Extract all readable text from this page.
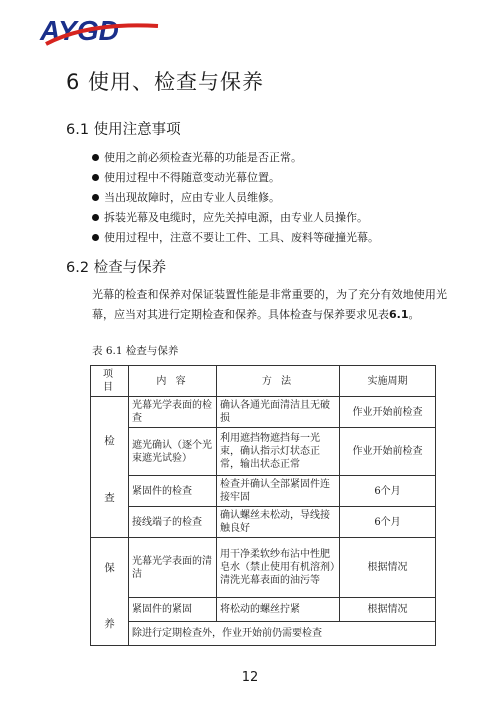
AYGD
6 使用、检查与保养
6.1 使用注意事项
使用之前必须检查光幕的功能是否正常。
使用过程中不得随意变动光幕位置。
当出现故障时，应由专业人员维修。
拆装光幕及电缆时，应先关掉电源，由专业人员操作。
使用过程中，注意不要让工件、工具、废料等碰撞光幕。
6.2 检查与保养

光幕的检查和保养对保证装置性能是非常重要的，为了充分有效地使用光幕，应当对其进行定期检查和保养。具体检查与保养要求见表6.1。

表 6.1 检查与保养
项 目	内 容	方 法	实施周期

检
查	光幕光学表面的检查	确认各通光面清洁且无破损	作业开始前检查
	遮光确认（逐个光束遮光试验）	利用遮挡物遮挡每一光束，确认指示灯状态正常，输出状态正常	作业开始前检查
	紧固件的检查	检查并确认全部紧固件连接牢固	6个月
	接线端子的检查	确认螺丝未松动，导线接触良好	6个月

保
养	光幕光学表面的清洁	用干净柔软纱布沾中性肥皂水（禁止使用有机溶剂）清洗光幕表面的油污等	根据情况
	紧固件的紧固	将松动的螺丝拧紧	根据情况
	除进行定期检查外，作业开始前仍需要检查		
12
